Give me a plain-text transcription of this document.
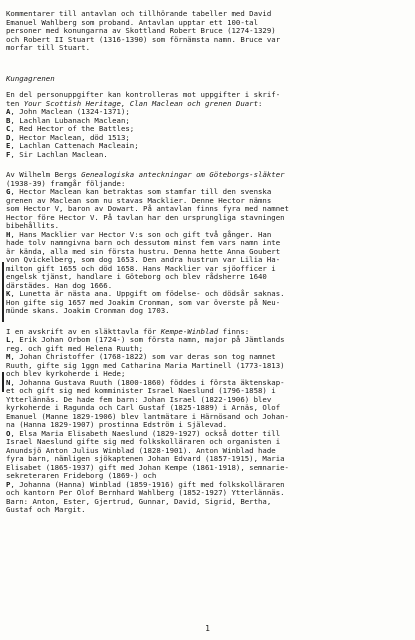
Kommentarer till antavlan och tillhörande tabeller med David
Emanuel Wahlberg som proband. Antavlan upptar ett 100-tal
personer med konungarna av Skottland Robert Bruce (1274-1329)
och Robert II Stuart (1316-1390) som förnämsta namn. Bruce var
morfar till Stuart.
Kungagrenen
En del personuppgifter kan kontrolleras mot uppgifter i skrif-
ten Your Scottish Heritage, Clan Maclean och grenen Duart:
A, John Maclean (1324-1371);
B, Lachlan Lubanach Maclean;
C, Red Hector of the Battles;
D, Hector Maclean, död 1513;
E, Lachlan Cattenach Macleain;
F, Sir Lachlan Maclean.
Av Wilhelm Bergs Genealogiska anteckningar om Göteborgs-släkter
(1938-39) framgår följande:
G, Hector Maclean kan betraktas som stamfar till den svenska
grenen av Maclean som nu stavas Macklier. Denne Hector nämns
som Hector V, baron av Dowart. På antavlan finns fyra med namnet
Hector före Hector V. På tavlan har den ursprungliga stavningen
bibehållits.
H, Hans Macklier var Hector V:s son och gift två gånger. Han
hade tolv namngivna barn och dessutom minst fem vars namn inte
är kända, alla med sin första hustru. Denna hette Anna Goubert
von Qvickelberg, som dog 1653. Den andra hustrun var Lilia Ha-
milton gift 1655 och död 1658. Hans Macklier var sjöofficer i
engelsk tjänst, handlare i Göteborg och blev rådsherre 1640
därstädes. Han dog 1666.
K, Lunetta är nästa ana. Uppgift om födelse- och dödsår saknas.
Hon gifte sig 1657 med Joakim Cronman, som var överste på Neu-
münde skans. Joakim Cronman dog 1703.
I en avskrift av en släkttavla för Kempe-Winblad finns:
L, Erik Johan Orbom (1724-) som första namn, major på Jämtlands
reg. och gift med Helena Ruuth;
M, Johan Christoffer (1768-1822) som var deras son tog namnet
Ruuth, gifte sig 1ggn med Catharina Maria Martinell (1773-1813)
och blev kyrkoherde i Hede;
N, Johanna Gustava Ruuth (1800-1860) föddes i första äktenskap-
et och gift sig med komminister Israel Naeslund (1796-1858) i
Ytterlännäs. De hade fem barn: Johan Israel (1822-1906) blev
kyrkoherde i Ragunda och Carl Gustaf (1825-1889) i Arnäs, Olof
Emanuel (Manne 1829-1906) blev lantmätare i Härnösand och Johan-
na (Hanna 1829-1907) prostinna Edström i Själevad.
O, Elsa Maria Elisabeth Naeslund (1829-1927) också dotter till
Israel Naeslund gifte sig med folkskolläraren och organisten i
Anundsjö Anton Julius Winblad (1828-1901). Anton Winblad hade
fyra barn, nämligen sjökaptenen Johan Edvard (1857-1915), Maria
Elisabet (1865-1937) gift med Johan Kempe (1861-1918), semnarie-
sekreteraren Frideborg (1869-) och
P, Johanna (Hanna) Winblad (1859-1916) gift med folkskolläraren
och kantorn Per Olof Bernhard Wahlberg (1852-1927) Ytterlännäs.
Barn: Anton, Ester, Gjertrud, Gunnar, David, Sigrid, Bertha,
Gustaf och Margit.
1
